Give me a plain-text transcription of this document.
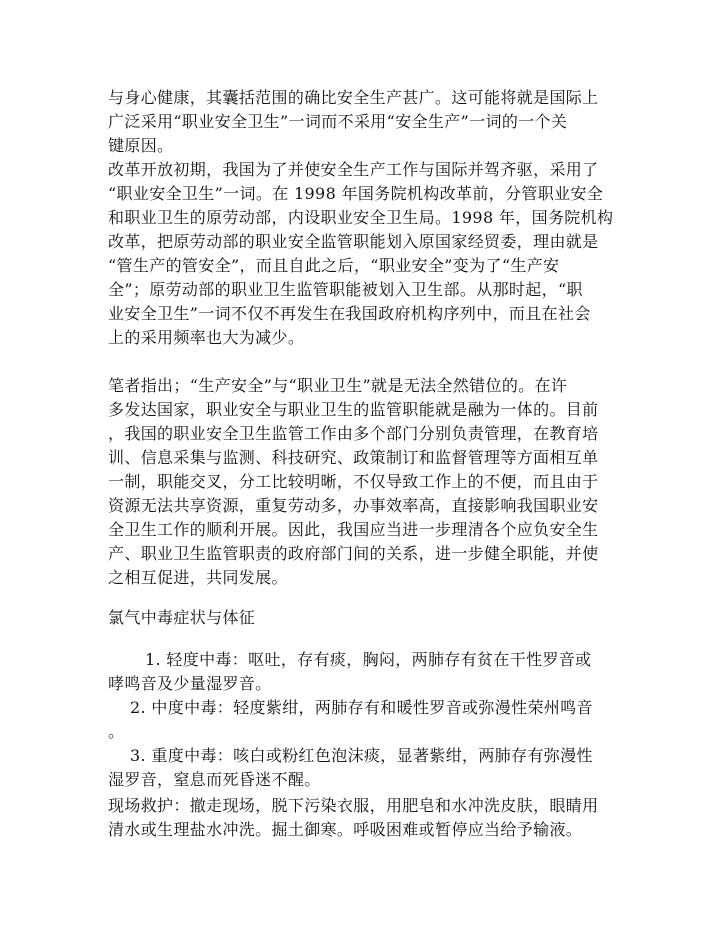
与身心健康，其囊括范围的确比安全生产甚广。这可能将就是国际上

广泛采用“职业安全卫生”一词而不采用“安全生产”一词的一个关

键原因。

改革开放初期，我国为了并使安全生产工作与国际并驾齐驱，采用了

“职业安全卫生”一词。在 1998 年国务院机构改革前，分管职业安全

和职业卫生的原劳动部，内设职业安全卫生局。1998 年，国务院机构

改革，把原劳动部的职业安全监管职能划入原国家经贸委，理由就是

“管生产的管安全”，而且自此之后，“职业安全”变为了“生产安

全”；原劳动部的职业卫生监管职能被划入卫生部。从那时起，“职

业安全卫生”一词不仅不再发生在我国政府机构序列中，而且在社会

上的采用频率也大为减少。

笔者指出；“生产安全”与“职业卫生”就是无法全然错位的。在许

多发达国家，职业安全与职业卫生的监管职能就是融为一体的。目前

，我国的职业安全卫生监管工作由多个部门分别负责管理，在教育培

训、信息采集与监测、科技研究、政策制订和监督管理等方面相互单

一制，职能交叉，分工比较明晰，不仅导致工作上的不便，而且由于

资源无法共享资源，重复劳动多，办事效率高，直接影响我国职业安

全卫生工作的顺利开展。因此，我国应当进一步理清各个应负安全生

产、职业卫生监管职责的政府部门间的关系，进一步健全职能，并使

之相互促进，共同发展。

氯气中毒症状与体征

1. 轻度中毒：呕吐，存有痰，胸闷，两肺存有贫在干性罗音或

哮鸣音及少量湿罗音。

2. 中度中毒：轻度紫绀，两肺存有和暖性罗音或弥漫性荣州鸣音

。

3. 重度中毒：咳白或粉红色泡沫痰，显著紫绀，两肺存有弥漫性

湿罗音，窒息而死昏迷不醒。

现场救护：撤走现场，脱下污染衣服，用肥皂和水冲洗皮肤，眼睛用

清水或生理盐水冲洗。掘土御寒。呼吸困难或暂停应当给予输液。
